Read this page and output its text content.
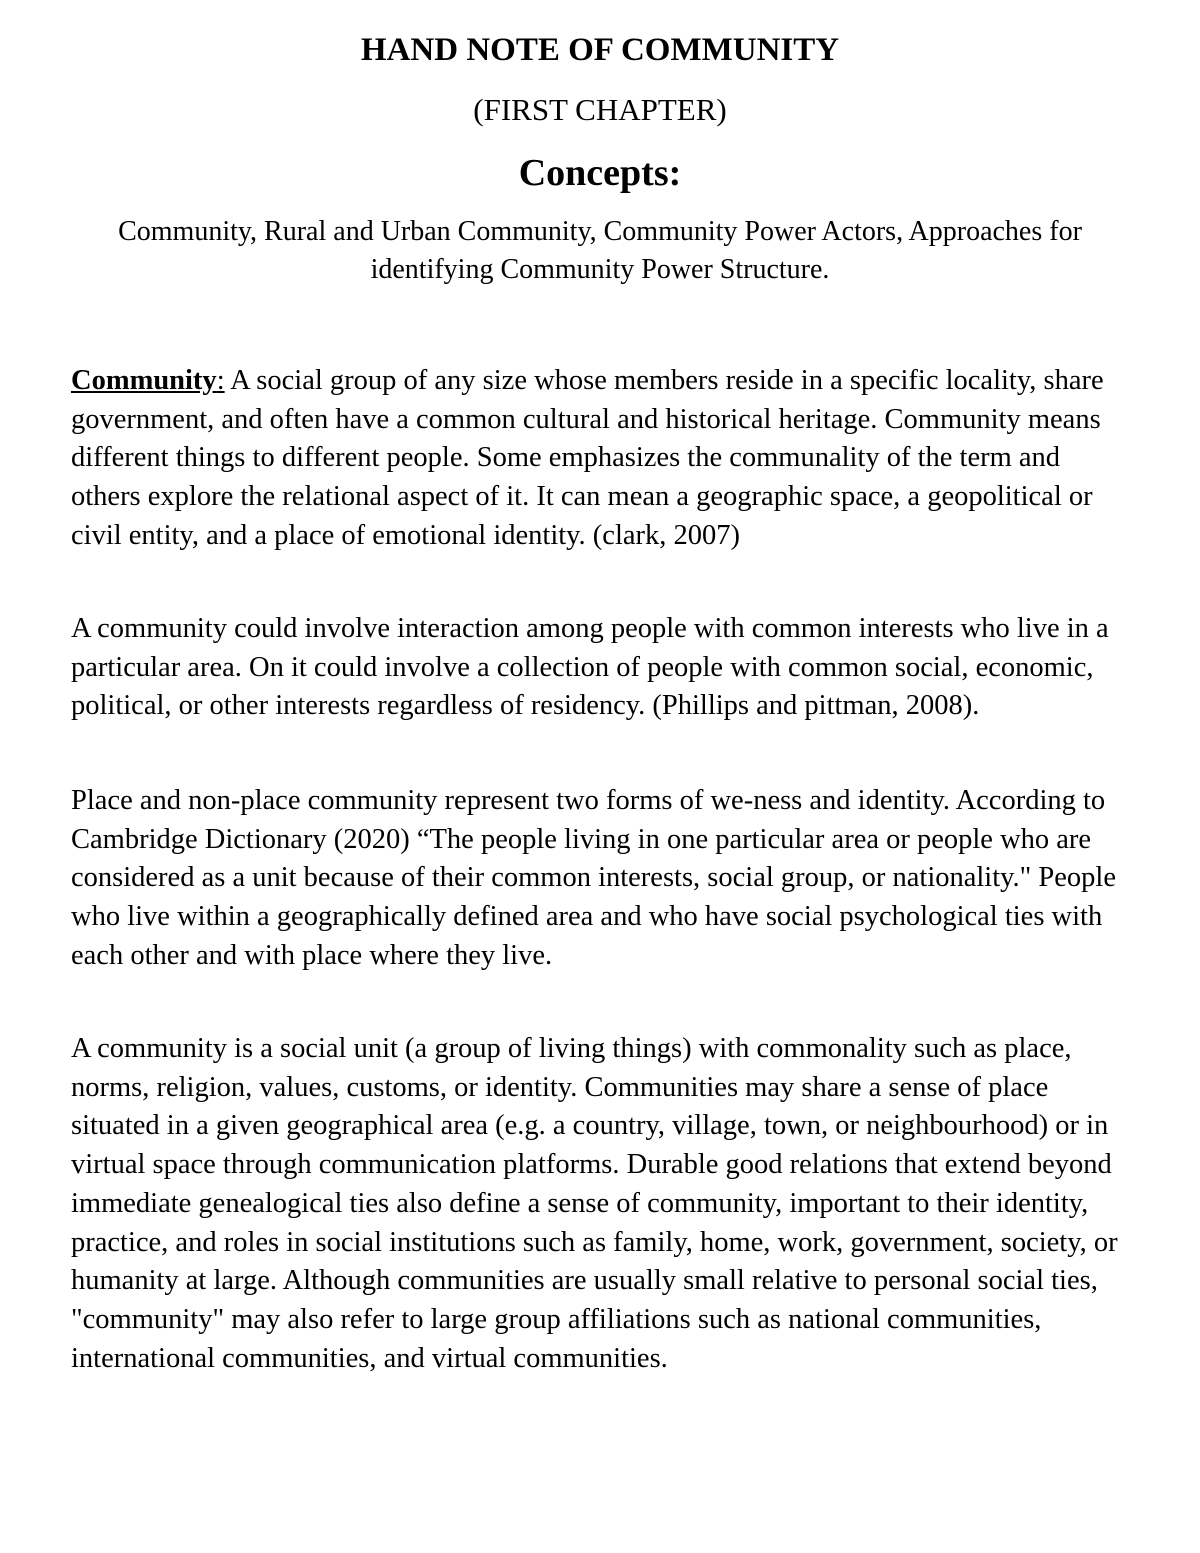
HAND NOTE OF COMMUNITY

(FIRST CHAPTER)

Concepts:

Community, Rural and Urban Community, Community Power Actors, Approaches for identifying Community Power Structure.

Community: A social group of any size whose members reside in a specific locality, share government, and often have a common cultural and historical heritage. Community means different things to different people. Some emphasizes the communality of the term and others explore the relational aspect of it. It can mean a geographic space, a geopolitical or civil entity, and a place of emotional identity. (clark, 2007)

A community could involve interaction among people with common interests who live in a particular area. On it could involve a collection of people with common social, economic, political, or other interests regardless of residency. (Phillips and pittman, 2008).

Place and non-place community represent two forms of we-ness and identity. According to Cambridge Dictionary (2020) “The people living in one particular area or people who are considered as a unit because of their common interests, social group, or nationality." People who live within a geographically defined area and who have social psychological ties with each other and with place where they live.

A community is a social unit (a group of living things) with commonality such as place, norms, religion, values, customs, or identity. Communities may share a sense of place situated in a given geographical area (e.g. a country, village, town, or neighbourhood) or in virtual space through communication platforms. Durable good relations that extend beyond immediate genealogical ties also define a sense of community, important to their identity, practice, and roles in social institutions such as family, home, work, government, society, or humanity at large. Although communities are usually small relative to personal social ties, "community" may also refer to large group affiliations such as national communities, international communities, and virtual communities.
